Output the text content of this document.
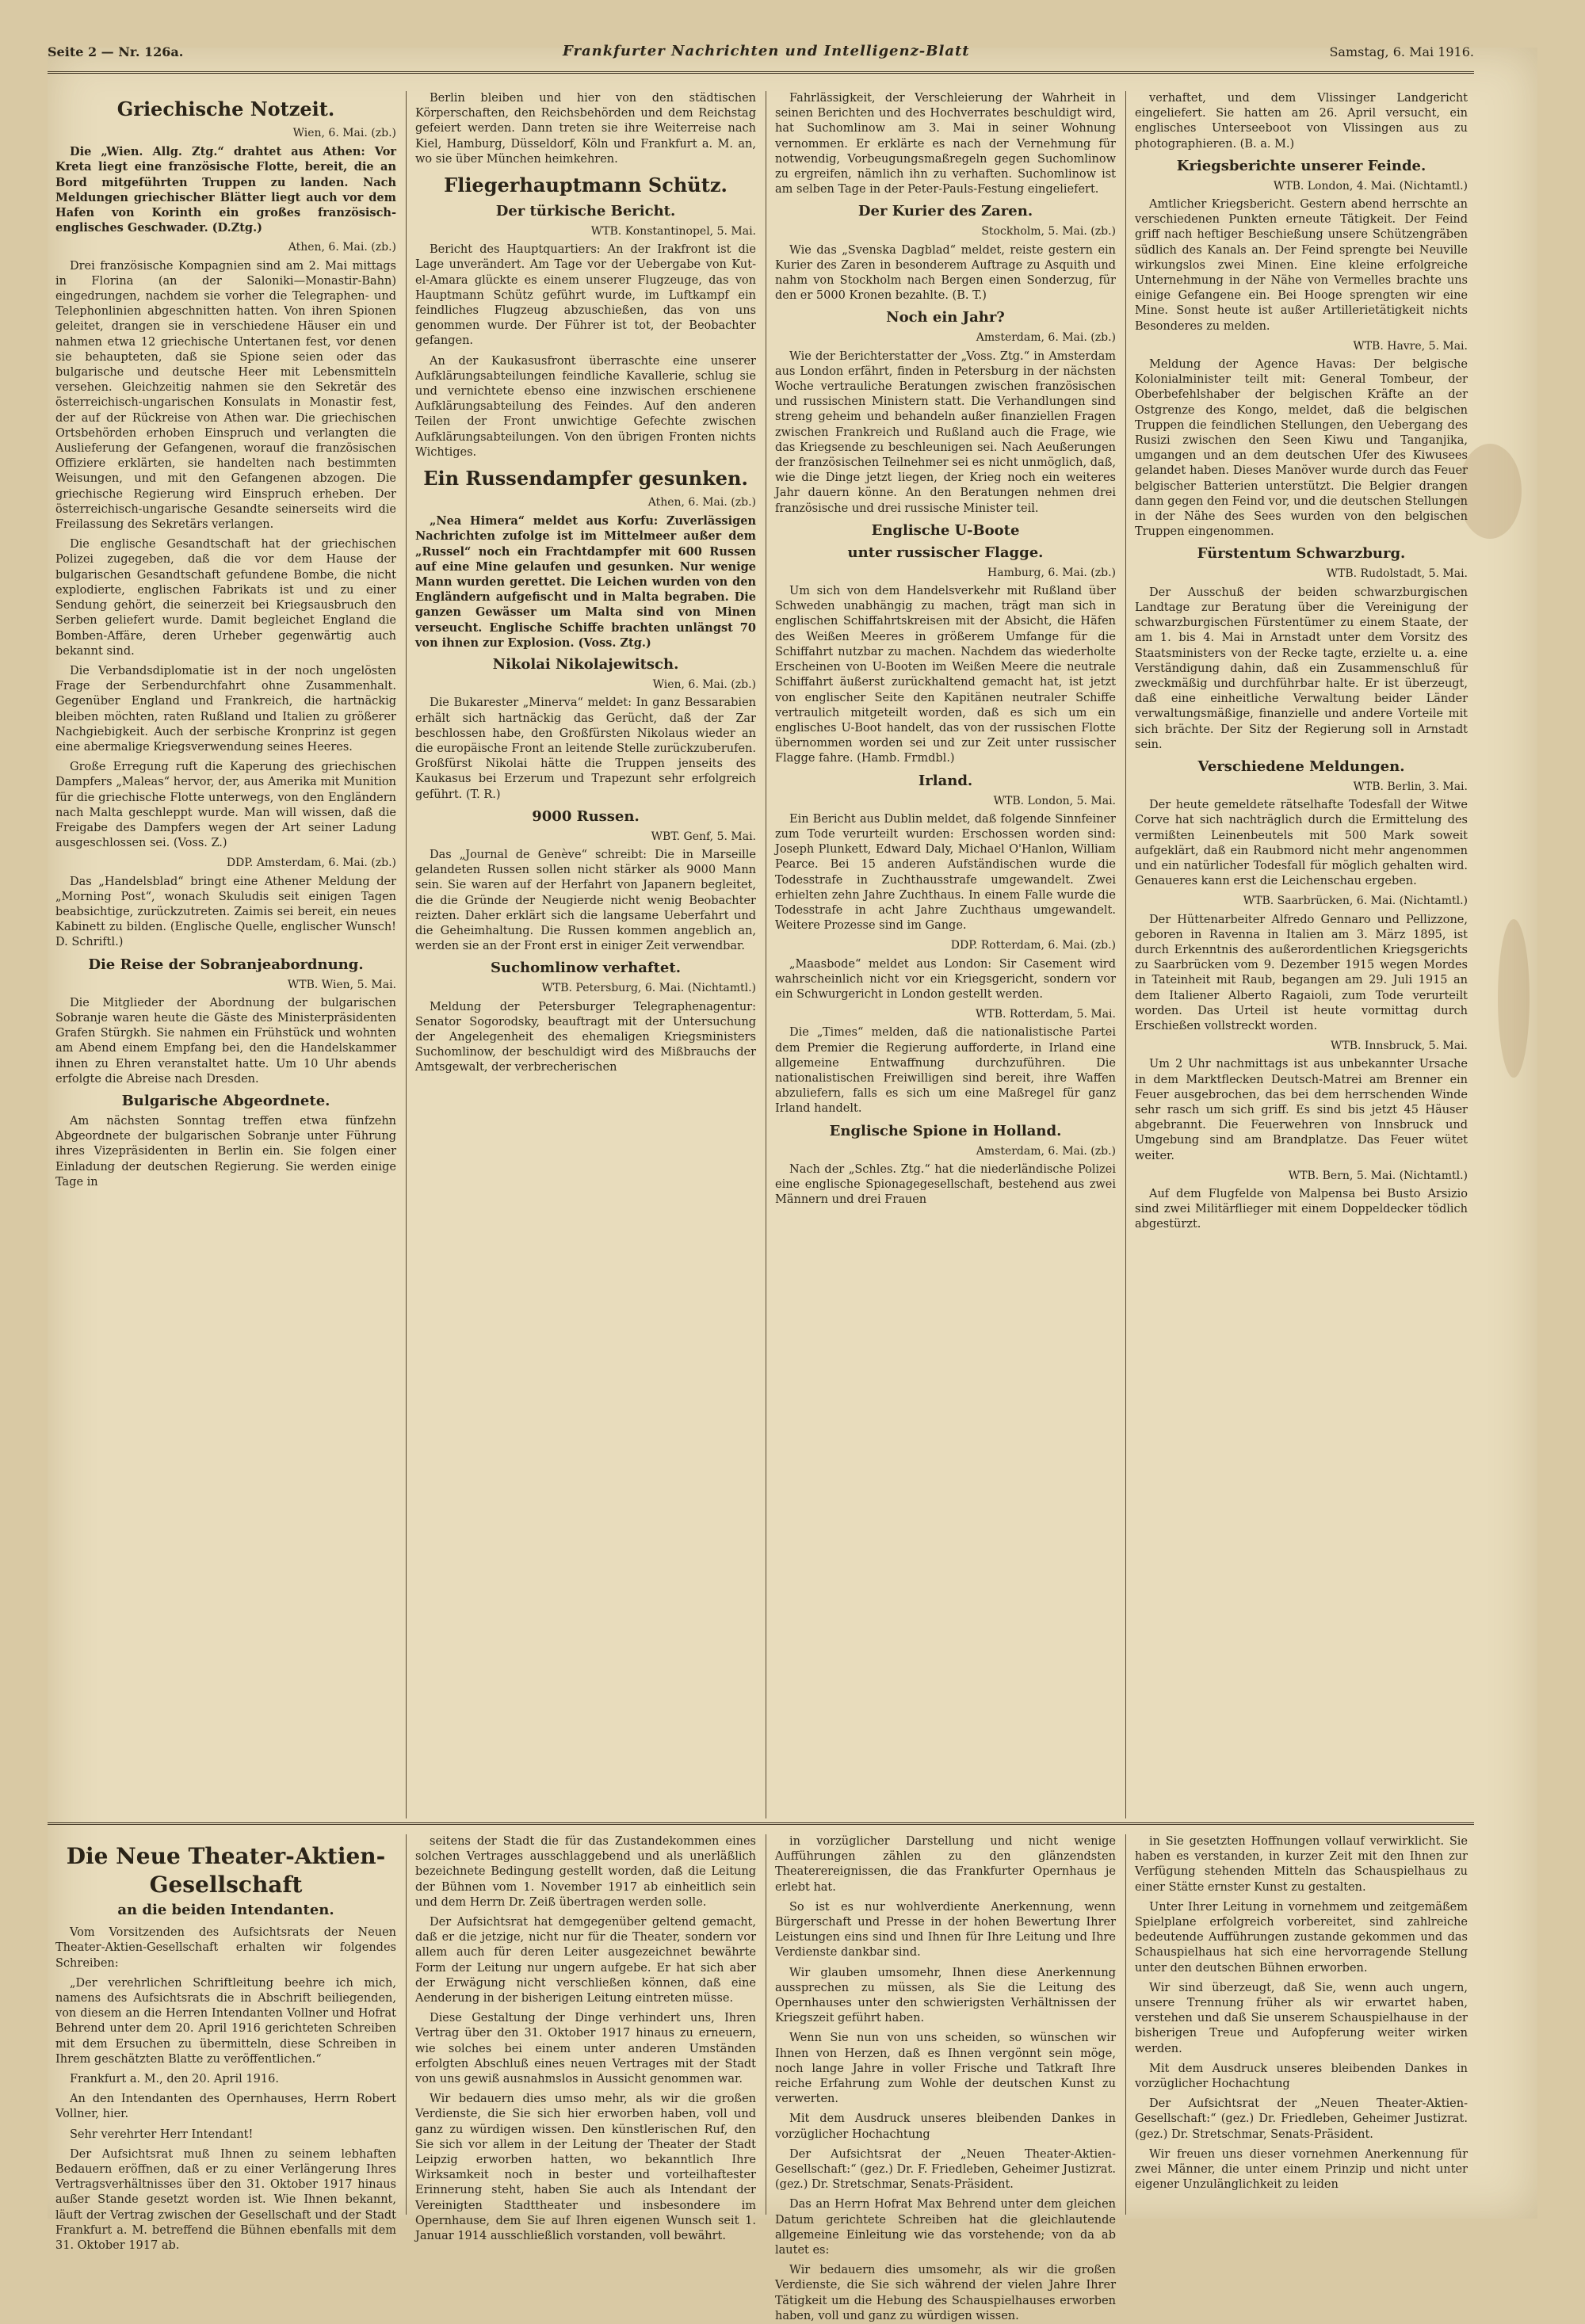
Seite 2 — Nr. 126a.	Frankfurter Nachrichten und Intelligenz-Blatt	Samstag, 6. Mai 1916.

Griechische Notzeit.

Wien, 6. Mai. (zb.)

Die „Wien. Allg. Ztg.“ drahtet aus Athen: Vor Kreta liegt eine französische Flotte, bereit, die an Bord mitgeführten Truppen zu landen. Nach Meldungen griechischer Blätter liegt auch vor dem Hafen von Korinth ein großes französisch-englisches Geschwader. (D.Ztg.)

Athen, 6. Mai. (zb.)

Drei französische Kompagnien sind am 2. Mai mittags in Florina (an der Saloniki—Monastir-Bahn) eingedrungen, nachdem sie vorher die Telegraphen- und Telephonlinien abgeschnitten hatten. Von ihren Spionen geleitet, drangen sie in verschiedene Häuser ein und nahmen etwa 12 griechische Untertanen fest, vor denen sie behaupteten, daß sie Spione seien oder das bulgarische und deutsche Heer mit Lebensmitteln versehen. Gleichzeitig nahmen sie den Sekretär des österreichisch-ungarischen Konsulats in Monastir fest, der auf der Rückreise von Athen war. Die griechischen Ortsbehörden erhoben Einspruch und verlangten die Auslieferung der Gefangenen, worauf die französischen Offiziere erklärten, sie handelten nach bestimmten Weisungen, und mit den Gefangenen abzogen. Die griechische Regierung wird Einspruch erheben. Der österreichisch-ungarische Gesandte seinerseits wird die Freilassung des Sekretärs verlangen.

Die englische Gesandtschaft hat der griechischen Polizei zugegeben, daß die vor dem Hause der bulgarischen Gesandtschaft gefundene Bombe, die nicht explodierte, englischen Fabrikats ist und zu einer Sendung gehört, die seinerzeit bei Kriegsausbruch den Serben geliefert wurde. Damit begleichet England die Bomben-Affäre, deren Urheber gegenwärtig auch bekannt sind.

Die Verbandsdiplomatie ist in der noch ungelösten Frage der Serbendurchfahrt ohne Zusammenhalt. Gegenüber England und Frankreich, die hartnäckig bleiben möchten, raten Rußland und Italien zu größerer Nachgiebigkeit. Auch der serbische Kronprinz ist gegen eine abermalige Kriegsverwendung seines Heeres.

Große Erregung ruft die Kaperung des griechischen Dampfers „Maleas“ hervor, der, aus Amerika mit Munition für die griechische Flotte unterwegs, von den Engländern nach Malta geschleppt wurde. Man will wissen, daß die Freigabe des Dampfers wegen der Art seiner Ladung ausgeschlossen sei. (Voss. Z.)

DDP. Amsterdam, 6. Mai. (zb.)

Das „Handelsblad“ bringt eine Athener Meldung der „Morning Post“, wonach Skuludis seit einigen Tagen beabsichtige, zurückzutreten. Zaimis sei bereit, ein neues Kabinett zu bilden. (Englische Quelle, englischer Wunsch! D. Schriftl.)

Die Reise der Sobranjeabordnung.

WTB. Wien, 5. Mai.

Die Mitglieder der Abordnung der bulgarischen Sobranje waren heute die Gäste des Ministerpräsidenten Grafen Stürgkh. Sie nahmen ein Frühstück und wohnten am Abend einem Empfang bei, den die Handelskammer ihnen zu Ehren veranstaltet hatte. Um 10 Uhr abends erfolgte die Abreise nach Dresden.

Bulgarische Abgeordnete.

Am nächsten Sonntag treffen etwa fünfzehn Abgeordnete der bulgarischen Sobranje unter Führung ihres Vizepräsidenten in Berlin ein. Sie folgen einer Einladung der deutschen Regierung. Sie werden einige Tage in

Berlin bleiben und hier von den städtischen Körperschaften, den Reichsbehörden und dem Reichstag gefeiert werden. Dann treten sie ihre Weiterreise nach Kiel, Hamburg, Düsseldorf, Köln und Frankfurt a. M. an, wo sie über München heimkehren.

Fliegerhauptmann Schütz.

Der türkische Bericht.

WTB. Konstantinopel, 5. Mai.

Bericht des Hauptquartiers: An der Irakfront ist die Lage unverändert. Am Tage vor der Uebergabe von Kut-el-Amara glückte es einem unserer Flugzeuge, das von Hauptmann Schütz geführt wurde, im Luftkampf ein feindliches Flugzeug abzuschießen, das von uns genommen wurde. Der Führer ist tot, der Beobachter gefangen.

An der Kaukasusfront überraschte eine unserer Aufklärungsabteilungen feindliche Kavallerie, schlug sie und vernichtete ebenso eine inzwischen erschienene Aufklärungsabteilung des Feindes. Auf den anderen Teilen der Front unwichtige Gefechte zwischen Aufklärungsabteilungen. Von den übrigen Fronten nichts Wichtiges.

Ein Russendampfer gesunken.

Athen, 6. Mai. (zb.)

„Nea Himera“ meldet aus Korfu: Zuverlässigen Nachrichten zufolge ist im Mittelmeer außer dem „Russel“ noch ein Frachtdampfer mit 600 Russen auf eine Mine gelaufen und gesunken. Nur wenige Mann wurden gerettet. Die Leichen wurden von den Engländern aufgefischt und in Malta begraben. Die ganzen Gewässer um Malta sind von Minen verseucht. Englische Schiffe brachten unlängst 70 von ihnen zur Explosion. (Voss. Ztg.)

Nikolai Nikolajewitsch.

Wien, 6. Mai. (zb.)

Die Bukarester „Minerva“ meldet: In ganz Bessarabien erhält sich hartnäckig das Gerücht, daß der Zar beschlossen habe, den Großfürsten Nikolaus wieder an die europäische Front an leitende Stelle zurückzuberufen. Großfürst Nikolai hätte die Truppen jenseits des Kaukasus bei Erzerum und Trapezunt sehr erfolgreich geführt. (T. R.)

9000 Russen.

WBT. Genf, 5. Mai.

Das „Journal de Genève“ schreibt: Die in Marseille gelandeten Russen sollen nicht stärker als 9000 Mann sein. Sie waren auf der Herfahrt von Japanern begleitet, die die Gründe der Neugierde nicht wenig Beobachter reizten. Daher erklärt sich die langsame Ueberfahrt und die Geheimhaltung. Die Russen kommen angeblich an, werden sie an der Front erst in einiger Zeit verwendbar.

Suchomlinow verhaftet.

WTB. Petersburg, 6. Mai. (Nichtamtl.)

Meldung der Petersburger Telegraphenagentur: Senator Sogorodsky, beauftragt mit der Untersuchung der Angelegenheit des ehemaligen Kriegsministers Suchomlinow, der beschuldigt wird des Mißbrauchs der Amtsgewalt, der verbrecherischen

Fahrlässigkeit, der Verschleierung der Wahrheit in seinen Berichten und des Hochverrates beschuldigt wird, hat Suchomlinow am 3. Mai in seiner Wohnung vernommen. Er erklärte es nach der Vernehmung für notwendig, Vorbeugungsmaßregeln gegen Suchomlinow zu ergreifen, nämlich ihn zu verhaften. Suchomlinow ist am selben Tage in der Peter-Pauls-Festung eingeliefert.

Der Kurier des Zaren.

Stockholm, 5. Mai. (zb.)

Wie das „Svenska Dagblad“ meldet, reiste gestern ein Kurier des Zaren in besonderem Auftrage zu Asquith und nahm von Stockholm nach Bergen einen Sonderzug, für den er 5000 Kronen bezahlte. (B. T.)

Noch ein Jahr?

Amsterdam, 6. Mai. (zb.)

Wie der Berichterstatter der „Voss. Ztg.“ in Amsterdam aus London erfährt, finden in Petersburg in der nächsten Woche vertrauliche Beratungen zwischen französischen und russischen Ministern statt. Die Verhandlungen sind streng geheim und behandeln außer finanziellen Fragen zwischen Frankreich und Rußland auch die Frage, wie das Kriegsende zu beschleunigen sei. Nach Aeußerungen der französischen Teilnehmer sei es nicht unmöglich, daß, wie die Dinge jetzt liegen, der Krieg noch ein weiteres Jahr dauern könne. An den Beratungen nehmen drei französische und drei russische Minister teil.

Englische U-Boote

unter russischer Flagge.

Hamburg, 6. Mai. (zb.)

Um sich von dem Handelsverkehr mit Rußland über Schweden unabhängig zu machen, trägt man sich in englischen Schiffahrtskreisen mit der Absicht, die Häfen des Weißen Meeres in größerem Umfange für die Schiffahrt nutzbar zu machen. Nachdem das wiederholte Erscheinen von U-Booten im Weißen Meere die neutrale Schiffahrt äußerst zurückhaltend gemacht hat, ist jetzt von englischer Seite den Kapitänen neutraler Schiffe vertraulich mitgeteilt worden, daß es sich um ein englisches U-Boot handelt, das von der russischen Flotte übernommen worden sei und zur Zeit unter russischer Flagge fahre. (Hamb. Frmdbl.)

Irland.

WTB. London, 5. Mai.

Ein Bericht aus Dublin meldet, daß folgende Sinnfeiner zum Tode verurteilt wurden: Erschossen worden sind: Joseph Plunkett, Edward Daly, Michael O'Hanlon, William Pearce. Bei 15 anderen Aufständischen wurde die Todesstrafe in Zuchthausstrafe umgewandelt. Zwei erhielten zehn Jahre Zuchthaus. In einem Falle wurde die Todesstrafe in acht Jahre Zuchthaus umgewandelt. Weitere Prozesse sind im Gange.

DDP. Rotterdam, 6. Mai. (zb.)

„Maasbode“ meldet aus London: Sir Casement wird wahrscheinlich nicht vor ein Kriegsgericht, sondern vor ein Schwurgericht in London gestellt werden.

WTB. Rotterdam, 5. Mai.

Die „Times“ melden, daß die nationalistische Partei dem Premier die Regierung aufforderte, in Irland eine allgemeine Entwaffnung durchzuführen. Die nationalistischen Freiwilligen sind bereit, ihre Waffen abzuliefern, falls es sich um eine Maßregel für ganz Irland handelt.

Englische Spione in Holland.

Amsterdam, 6. Mai. (zb.)

Nach der „Schles. Ztg.“ hat die niederländische Polizei eine englische Spionagegesellschaft, bestehend aus zwei Männern und drei Frauen

verhaftet, und dem Vlissinger Landgericht eingeliefert. Sie hatten am 26. April versucht, ein englisches Unterseeboot von Vlissingen aus zu photographieren. (B. a. M.)

Kriegsberichte unserer Feinde.

WTB. London, 4. Mai. (Nichtamtl.)

Amtlicher Kriegsbericht. Gestern abend herrschte an verschiedenen Punkten erneute Tätigkeit. Der Feind griff nach heftiger Beschießung unsere Schützengräben südlich des Kanals an. Der Feind sprengte bei Neuville wirkungslos zwei Minen. Eine kleine erfolgreiche Unternehmung in der Nähe von Vermelles brachte uns einige Gefangene ein. Bei Hooge sprengten wir eine Mine. Sonst heute ist außer Artillerietätigkeit nichts Besonderes zu melden.

WTB. Havre, 5. Mai.

Meldung der Agence Havas: Der belgische Kolonialminister teilt mit: General Tombeur, der Oberbefehlshaber der belgischen Kräfte an der Ostgrenze des Kongo, meldet, daß die belgischen Truppen die feindlichen Stellungen, den Uebergang des Rusizi zwischen den Seen Kiwu und Tanganjika, umgangen und an dem deutschen Ufer des Kiwusees gelandet haben. Dieses Manöver wurde durch das Feuer belgischer Batterien unterstützt. Die Belgier drangen dann gegen den Feind vor, und die deutschen Stellungen in der Nähe des Sees wurden von den belgischen Truppen eingenommen.

Fürstentum Schwarzburg.

WTB. Rudolstadt, 5. Mai.

Der Ausschuß der beiden schwarzburgischen Landtage zur Beratung über die Vereinigung der schwarzburgischen Fürstentümer zu einem Staate, der am 1. bis 4. Mai in Arnstadt unter dem Vorsitz des Staatsministers von der Recke tagte, erzielte u. a. eine Verständigung dahin, daß ein Zusammenschluß für zweckmäßig und durchführbar halte. Er ist überzeugt, daß eine einheitliche Verwaltung beider Länder verwaltungsmäßige, finanzielle und andere Vorteile mit sich brächte. Der Sitz der Regierung soll in Arnstadt sein.

Verschiedene Meldungen.

WTB. Berlin, 3. Mai.

Der heute gemeldete rätselhafte Todesfall der Witwe Corve hat sich nachträglich durch die Ermittelung des vermißten Leinenbeutels mit 500 Mark soweit aufgeklärt, daß ein Raubmord nicht mehr angenommen und ein natürlicher Todesfall für möglich gehalten wird. Genaueres kann erst die Leichenschau ergeben.

WTB. Saarbrücken, 6. Mai. (Nichtamtl.)

Der Hüttenarbeiter Alfredo Gennaro und Pellizzone, geboren in Ravenna in Italien am 3. März 1895, ist durch Erkenntnis des außerordentlichen Kriegsgerichts zu Saarbrücken vom 9. Dezember 1915 wegen Mordes in Tateinheit mit Raub, begangen am 29. Juli 1915 an dem Italiener Alberto Ragaioli, zum Tode verurteilt worden. Das Urteil ist heute vormittag durch Erschießen vollstreckt worden.

WTB. Innsbruck, 5. Mai.

Um 2 Uhr nachmittags ist aus unbekannter Ursache in dem Marktflecken Deutsch-Matrei am Brenner ein Feuer ausgebrochen, das bei dem herrschenden Winde sehr rasch um sich griff. Es sind bis jetzt 45 Häuser abgebrannt. Die Feuerwehren von Innsbruck und Umgebung sind am Brandplatze. Das Feuer wütet weiter.

WTB. Bern, 5. Mai. (Nichtamtl.)

Auf dem Flugfelde von Malpensa bei Busto Arsizio sind zwei Militärflieger mit einem Doppeldecker tödlich abgestürzt.

Die Neue Theater-Aktien-Gesellschaft

an die beiden Intendanten.

Vom Vorsitzenden des Aufsichtsrats der Neuen Theater-Aktien-Gesellschaft erhalten wir folgendes Schreiben:

„Der verehrlichen Schriftleitung beehre ich mich, namens des Aufsichtsrats die in Abschrift beiliegenden, von diesem an die Herren Intendanten Vollner und Hofrat Behrend unter dem 20. April 1916 gerichteten Schreiben mit dem Ersuchen zu übermitteln, diese Schreiben in Ihrem geschätzten Blatte zu veröffentlichen.“

Frankfurt a. M., den 20. April 1916.

An den Intendanten des Opernhauses, Herrn Robert Vollner, hier.

Sehr verehrter Herr Intendant!

Der Aufsichtsrat muß Ihnen zu seinem lebhaften Bedauern eröffnen, daß er zu einer Verlängerung Ihres Vertragsverhältnisses über den 31. Oktober 1917 hinaus außer Stande gesetzt worden ist. Wie Ihnen bekannt, läuft der Vertrag zwischen der Gesellschaft und der Stadt Frankfurt a. M. betreffend die Bühnen ebenfalls mit dem 31. Oktober 1917 ab.

seitens der Stadt die für das Zustandekommen eines solchen Vertrages ausschlaggebend und als unerläßlich bezeichnete Bedingung gestellt worden, daß die Leitung der Bühnen vom 1. November 1917 ab einheitlich sein und dem Herrn Dr. Zeiß übertragen werden solle.

Der Aufsichtsrat hat demgegenüber geltend gemacht, daß er die jetzige, nicht nur für die Theater, sondern vor allem auch für deren Leiter ausgezeichnet bewährte Form der Leitung nur ungern aufgebe. Er hat sich aber der Erwägung nicht verschließen können, daß eine Aenderung in der bisherigen Leitung eintreten müsse.

Diese Gestaltung der Dinge verhindert uns, Ihren Vertrag über den 31. Oktober 1917 hinaus zu erneuern, wie solches bei einem unter anderen Umständen erfolgten Abschluß eines neuen Vertrages mit der Stadt von uns gewiß ausnahmslos in Aussicht genommen war.

Wir bedauern dies umso mehr, als wir die großen Verdienste, die Sie sich hier erworben haben, voll und ganz zu würdigen wissen. Den künstlerischen Ruf, den Sie sich vor allem in der Leitung der Theater der Stadt Leipzig erworben hatten, wo bekanntlich Ihre Wirksamkeit noch in bester und vorteilhaftester Erinnerung steht, haben Sie auch als Intendant der Vereinigten Stadttheater und insbesondere im Opernhause, dem Sie auf Ihren eigenen Wunsch seit 1. Januar 1914 ausschließlich vorstanden, voll bewährt.

in vorzüglicher Darstellung und nicht wenige Aufführungen zählen zu den glänzendsten Theaterereignissen, die das Frankfurter Opernhaus je erlebt hat.

So ist es nur wohlverdiente Anerkennung, wenn Bürgerschaft und Presse in der hohen Bewertung Ihrer Leistungen eins sind und Ihnen für Ihre Leitung und Ihre Verdienste dankbar sind.

Wir glauben umsomehr, Ihnen diese Anerkennung aussprechen zu müssen, als Sie die Leitung des Opernhauses unter den schwierigsten Verhältnissen der Kriegszeit geführt haben.

Wenn Sie nun von uns scheiden, so wünschen wir Ihnen von Herzen, daß es Ihnen vergönnt sein möge, noch lange Jahre in voller Frische und Tatkraft Ihre reiche Erfahrung zum Wohle der deutschen Kunst zu verwerten.

Mit dem Ausdruck unseres bleibenden Dankes in vorzüglicher Hochachtung

Der Aufsichtsrat der „Neuen Theater-Aktien-Gesellschaft:“ (gez.) Dr. F. Friedleben, Geheimer Justizrat. (gez.) Dr. Stretschmar, Senats-Präsident.

Das an Herrn Hofrat Max Behrend unter dem gleichen Datum gerichtete Schreiben hat die gleichlautende allgemeine Einleitung wie das vorstehende; von da ab lautet es:

Wir bedauern dies umsomehr, als wir die großen Verdienste, die Sie sich während der vielen Jahre Ihrer Tätigkeit um die Hebung des Schauspielhauses erworben haben, voll und ganz zu würdigen wissen.

in Sie gesetzten Hoffnungen vollauf verwirklicht. Sie haben es verstanden, in kurzer Zeit mit den Ihnen zur Verfügung stehenden Mitteln das Schauspielhaus zu einer Stätte ernster Kunst zu gestalten.

Unter Ihrer Leitung in vornehmem und zeitgemäßem Spielplane erfolgreich vorbereitet, sind zahlreiche bedeutende Aufführungen zustande gekommen und das Schauspielhaus hat sich eine hervorragende Stellung unter den deutschen Bühnen erworben.

Wir sind überzeugt, daß Sie, wenn auch ungern, unsere Trennung früher als wir erwartet haben, verstehen und daß Sie unserem Schauspielhause in der bisherigen Treue und Aufopferung weiter wirken werden.

Mit dem Ausdruck unseres bleibenden Dankes in vorzüglicher Hochachtung

Der Aufsichtsrat der „Neuen Theater-Aktien-Gesellschaft:“ (gez.) Dr. Friedleben, Geheimer Justizrat. (gez.) Dr. Stretschmar, Senats-Präsident.

Wir freuen uns dieser vornehmen Anerkennung für zwei Männer, die unter einem Prinzip und nicht unter eigener Unzulänglichkeit zu leiden
